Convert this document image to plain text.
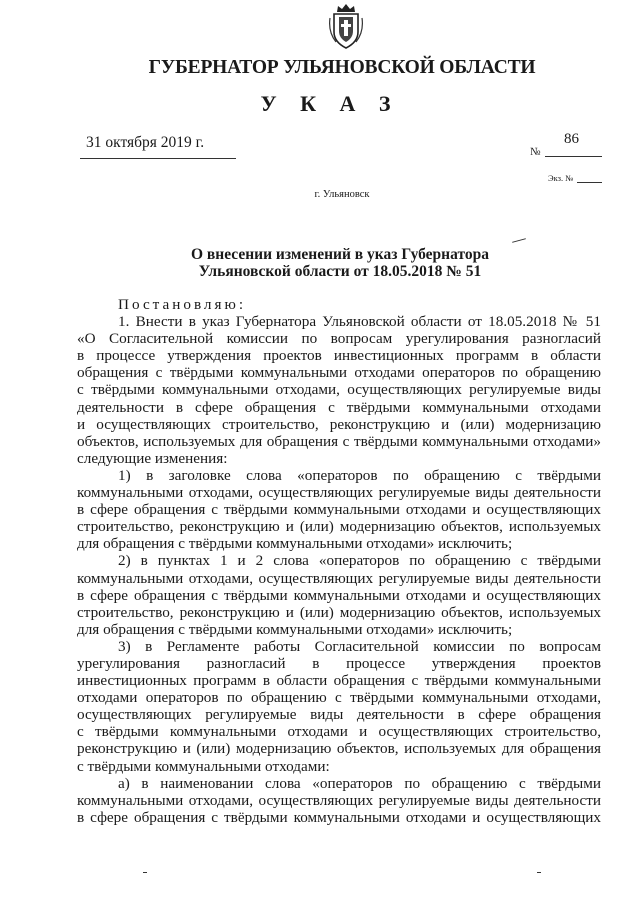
ГУБЕРНАТОР УЛЬЯНОВСКОЙ ОБЛАСТИ
У К А З
31 октября 2019 г.	86
№
Экз. №
г. Ульяновск
О внесении изменений в указ Губернатора
Ульяновской области от 18.05.2018 № 51
Постановляю:
1. Внести в указ Губернатора Ульяновской области от 18.05.2018 № 51
«О Согласительной комиссии по вопросам урегулирования разногласий
в процессе утверждения проектов инвестиционных программ в области
обращения с твёрдыми коммунальными отходами операторов по обращению
с твёрдыми коммунальными отходами, осуществляющих регулируемые виды
деятельности в сфере обращения с твёрдыми коммунальными отходами
и осуществляющих строительство, реконструкцию и (или) модернизацию
объектов, используемых для обращения с твёрдыми коммунальными отходами»
следующие изменения:
1) в заголовке слова «операторов по обращению с твёрдыми
коммунальными отходами, осуществляющих регулируемые виды деятельности
в сфере обращения с твёрдыми коммунальными отходами и осуществляющих
строительство, реконструкцию и (или) модернизацию объектов, используемых
для обращения с твёрдыми коммунальными отходами» исключить;
2) в пунктах 1 и 2 слова «операторов по обращению с твёрдыми
коммунальными отходами, осуществляющих регулируемые виды деятельности
в сфере обращения с твёрдыми коммунальными отходами и осуществляющих
строительство, реконструкцию и (или) модернизацию объектов, используемых
для обращения с твёрдыми коммунальными отходами» исключить;
3) в Регламенте работы Согласительной комиссии по вопросам
урегулирования разногласий в процессе утверждения проектов
инвестиционных программ в области обращения с твёрдыми коммунальными
отходами операторов по обращению с твёрдыми коммунальными отходами,
осуществляющих регулируемые виды деятельности в сфере обращения
с твёрдыми коммунальными отходами и осуществляющих строительство,
реконструкцию и (или) модернизацию объектов, используемых для обращения
с твёрдыми коммунальными отходами:
а) в наименовании слова «операторов по обращению с твёрдыми
коммунальными отходами, осуществляющих регулируемые виды деятельности
в сфере обращения с твёрдыми коммунальными отходами и осуществляющих
